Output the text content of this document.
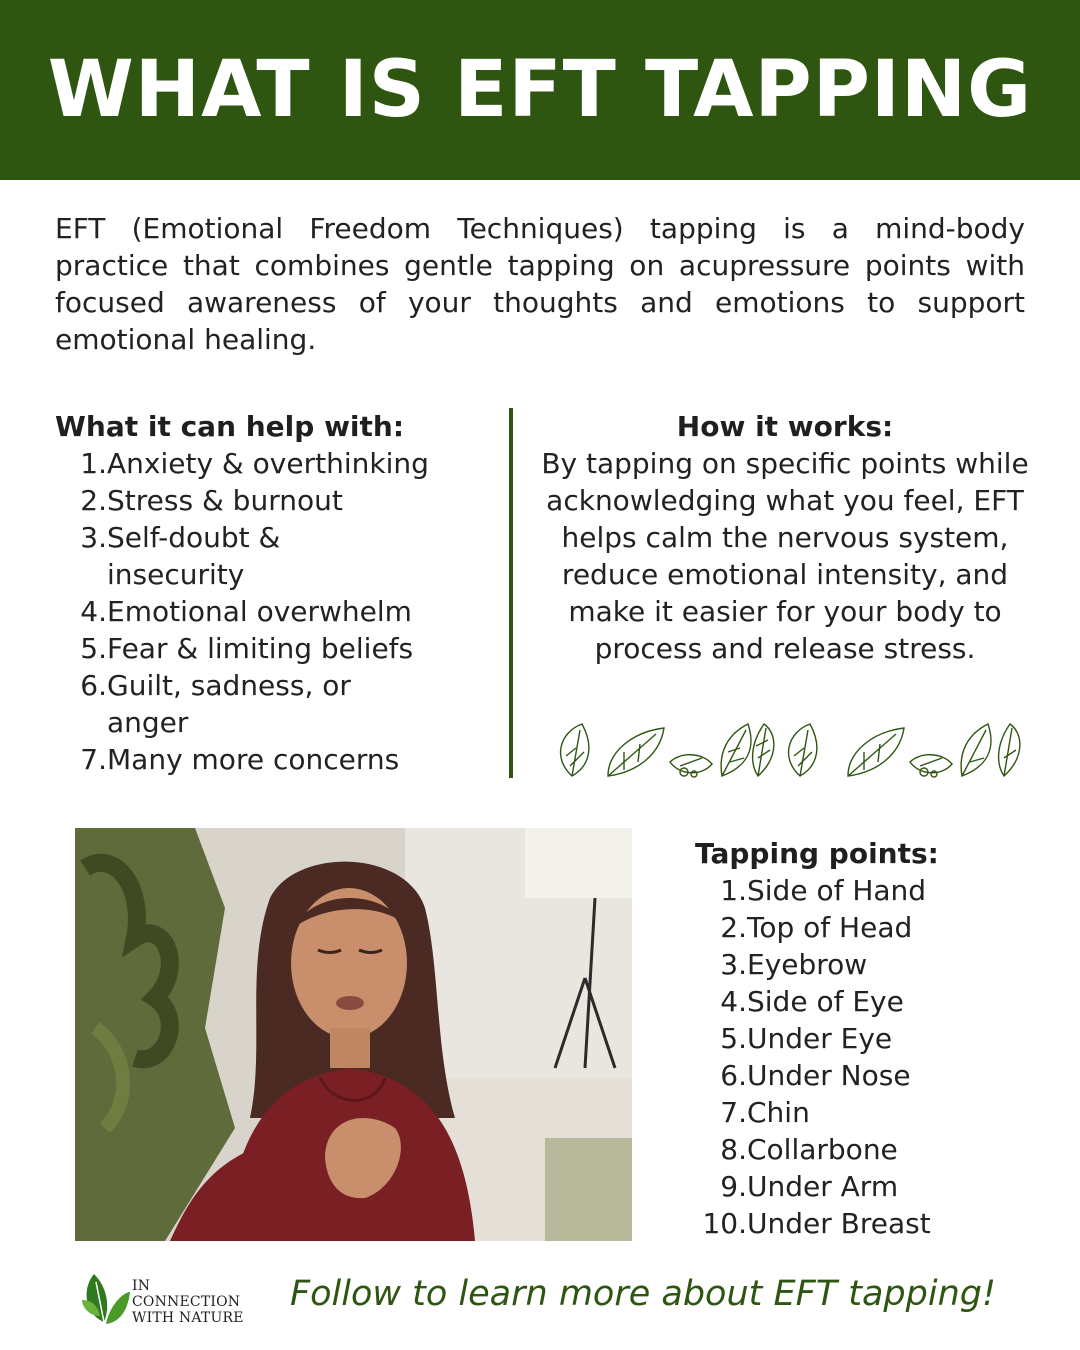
WHAT IS EFT TAPPING

EFT (Emotional Freedom Techniques) tapping is a mind-body practice that combines gentle tapping on acupressure points with focused awareness of your thoughts and emotions to support emotional healing.

What it can help with:
1. Anxiety & overthinking
2. Stress & burnout
3. Self-doubt & insecurity
4. Emotional overwhelm
5. Fear & limiting beliefs
6. Guilt, sadness, or anger
7. Many more concerns
How it works:

By tapping on specific points while acknowledging what you feel, EFT helps calm the nervous system, reduce emotional intensity, and make it easier for your body to process and release stress.

Tapping points:
1. Side of Hand
2. Top of Head
3. Eyebrow
4. Side of Eye
5. Under Eye
6. Under Nose
7. Chin
8. Collarbone
9. Under Arm
10. Under Breast
IN CONNECTION
WITH NATURE
Follow to learn more about EFT tapping!
